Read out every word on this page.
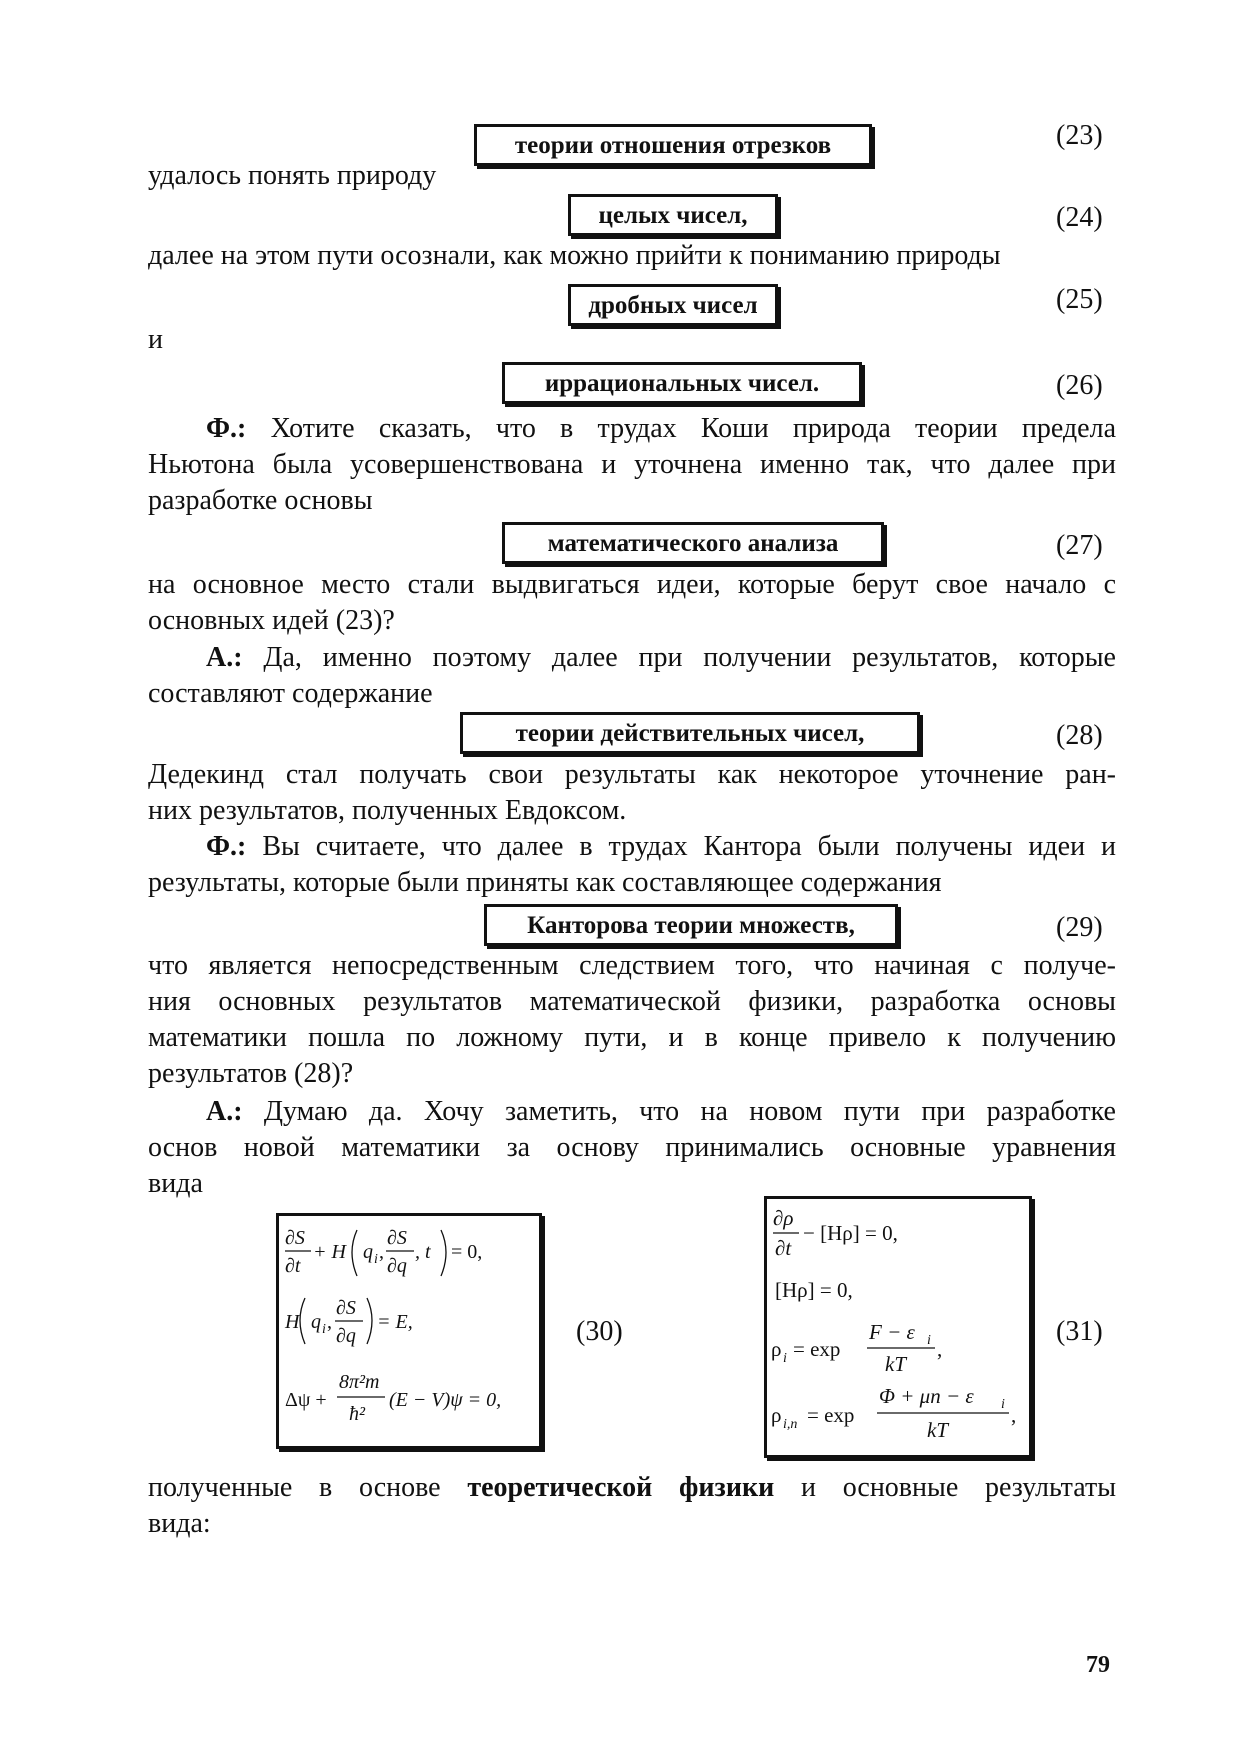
теории отношения отрезков	(23)
удалось понять природу
целых чисел,	(24)
далее на этом пути осознали, как можно прийти к пониманию природы
дробных чисел	(25)
и
иррациональных чисел.	(26)
Ф.: Хотите сказать, что в трудах Коши природа теории предела
Ньютона была усовершенствована и уточнена именно так, что далее при
разработке основы
математического анализа	(27)
на основное место стали выдвигаться идеи, которые берут свое начало с
основных идей (23)?
А.: Да, именно поэтому далее при получении результатов, которые
составляют содержание
теории действительных чисел,	(28)
Дедекинд стал получать свои результаты как некоторое уточнение ран-
них результатов, полученных Евдоксом.
Ф.: Вы считаете, что далее в трудах Кантора были получены идеи и
результаты, которые были приняты как составляющее содержания
Канторова теории множеств,	(29)
что является непосредственным следствием того, что начиная с получе-
ния основных результатов математической физики, разработка основы
математики пошла по ложному пути, и в конце привело к получению
результатов (28)?
А.: Думаю да. Хочу заметить, что на новом пути при разработке
основ новой математики за основу принимались основные уравнения
вида
∂S
∂t
+ H q i ,
∂S
∂q
, t = 0,
H q i ,
∂S
∂q
= E,
Δψ +
8π²m
ħ²
(E − V)ψ = 0,
(30)
∂ρ
∂t
− [Hρ] = 0,
[Hρ] = 0,
ρ i = exp
F − ε i
kT
,
ρ i,n = exp
Φ + μn − ε i
kT
,
(31)
полученные в основе теоретической физики и основные результаты
вида:
79
